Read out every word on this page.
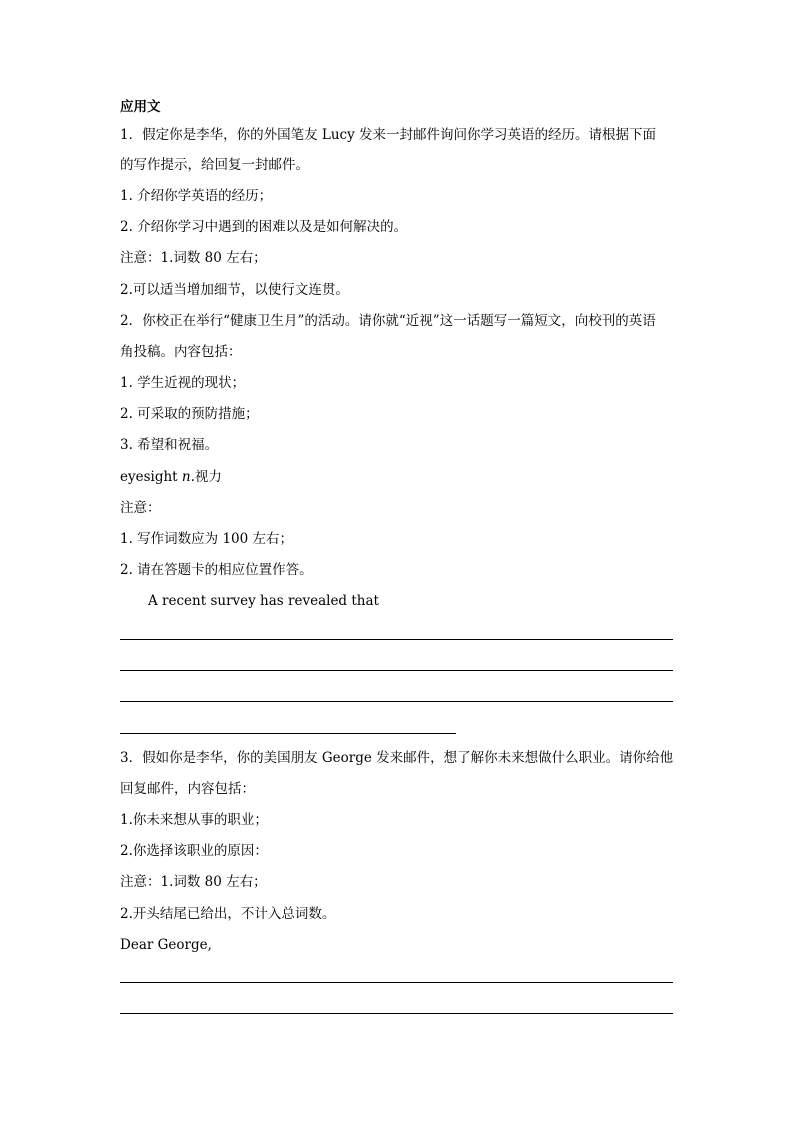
应用文
1．假定你是李华，你的外国笔友 Lucy 发来一封邮件询问你学习英语的经历。请根据下面
的写作提示，给回复一封邮件。
1. 介绍你学英语的经历；
2. 介绍你学习中遇到的困难以及是如何解决的。
注意：1.词数 80 左右；
2.可以适当增加细节，以使行文连贯。
2．你校正在举行“健康卫生月”的活动。请你就“近视”这一话题写一篇短文，向校刊的英语
角投稿。内容包括：
1. 学生近视的现状；
2. 可采取的预防措施；
3. 希望和祝福。
eyesight n.视力
注意：
1. 写作词数应为 100 左右；
2. 请在答题卡的相应位置作答。
A recent survey has revealed that
3．假如你是李华，你的美国朋友 George 发来邮件，想了解你未来想做什么职业。请你给他
回复邮件，内容包括：
1.你未来想从事的职业；
2.你选择该职业的原因：
注意：1.词数 80 左右；
2.开头结尾已给出，不计入总词数。
Dear George,
